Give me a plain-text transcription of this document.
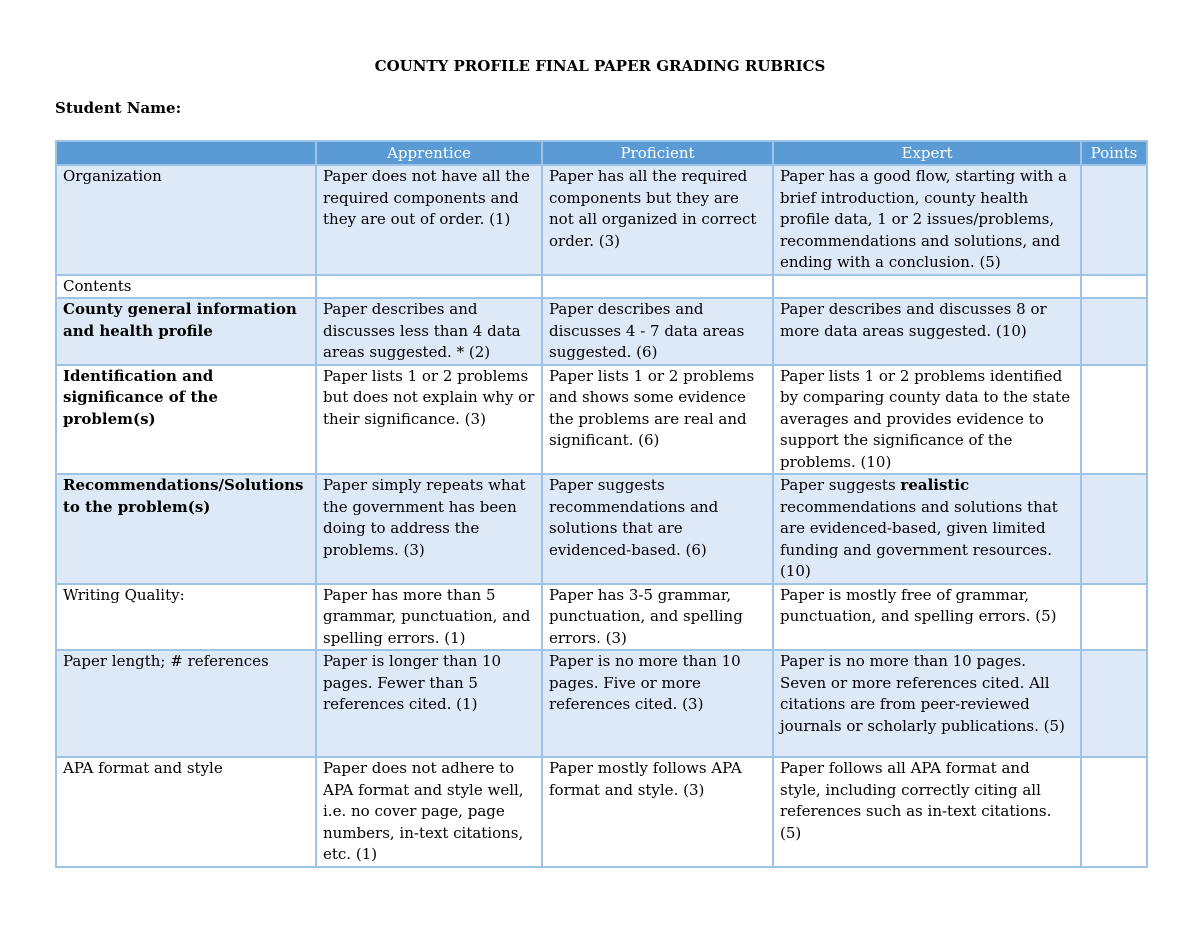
COUNTY PROFILE FINAL PAPER GRADING RUBRICS
Student Name:
	Apprentice	Proficient	Expert	Points
Organization	Paper does not have all the required components and they are out of order. (1)	Paper has all the required components but they are not all organized in correct order. (3)	Paper has a good flow, starting with a brief introduction, county health profile data, 1 or 2 issues/problems, recommendations and solutions, and ending with a conclusion. (5)	
Contents				
County general information and health profile	Paper describes and discusses less than 4 data areas suggested. * (2)	Paper describes and discusses 4 - 7 data areas suggested. (6)	Paper describes and discusses 8 or more data areas suggested. (10)	
Identification and significance of the problem(s)	Paper lists 1 or 2 problems but does not explain why or their significance. (3)	Paper lists 1 or 2 problems and shows some evidence the problems are real and significant. (6)	Paper lists 1 or 2 problems identified by comparing county data to the state averages and provides evidence to support the significance of the problems. (10)	
Recommendations/Solutions to the problem(s)	Paper simply repeats what the government has been doing to address the problems. (3)	Paper suggests recommendations and solutions that are evidenced-based. (6)	Paper suggests realistic recommendations and solutions that are evidenced-based, given limited funding and government resources. (10)	
Writing Quality:	Paper has more than 5 grammar, punctuation, and spelling errors. (1)	Paper has 3-5 grammar, punctuation, and spelling errors. (3)	Paper is mostly free of grammar, punctuation, and spelling errors. (5)	
Paper length; # references	Paper is longer than 10 pages. Fewer than 5 references cited. (1)	Paper is no more than 10 pages. Five or more references cited. (3)	Paper is no more than 10 pages. Seven or more references cited. All citations are from peer-reviewed journals or scholarly publications. (5)	
APA format and style	Paper does not adhere to APA format and style well, i.e. no cover page, page numbers, in-text citations, etc. (1)	Paper mostly follows APA format and style. (3)	Paper follows all APA format and style, including correctly citing all references such as in-text citations. (5)	
